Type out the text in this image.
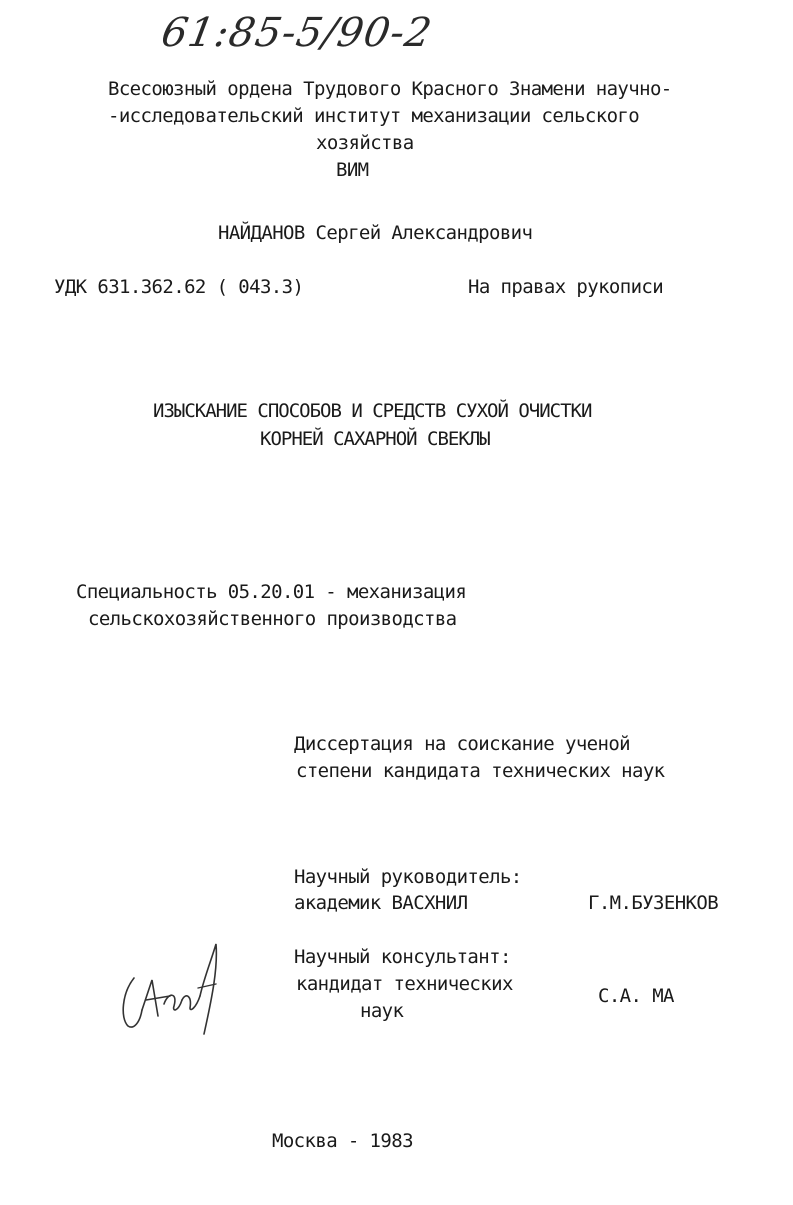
61:85-5/90-2
Всесоюзный ордена Трудового Красного Знамени научно-
-исследовательский институт механизации сельского
хозяйства
ВИМ
НАЙДАНОВ Сергей Александрович
УДК 631.362.62 ( 043.3)	На правах рукописи
ИЗЫСКАНИЕ СПОСОБОВ И СРЕДСТВ СУХОЙ ОЧИСТКИ
КОРНЕЙ САХАРНОЙ СВЕКЛЫ
Специальность 05.20.01 - механизация
сельскохозяйственного производства
Диссертация на соискание ученой
степени кандидата технических наук
Научный руководитель:
академик ВАСХНИЛ	Г.М.БУЗЕНКОВ
Научный консультант:
кандидат технических
наук
С.А. МА
Москва - 1983
